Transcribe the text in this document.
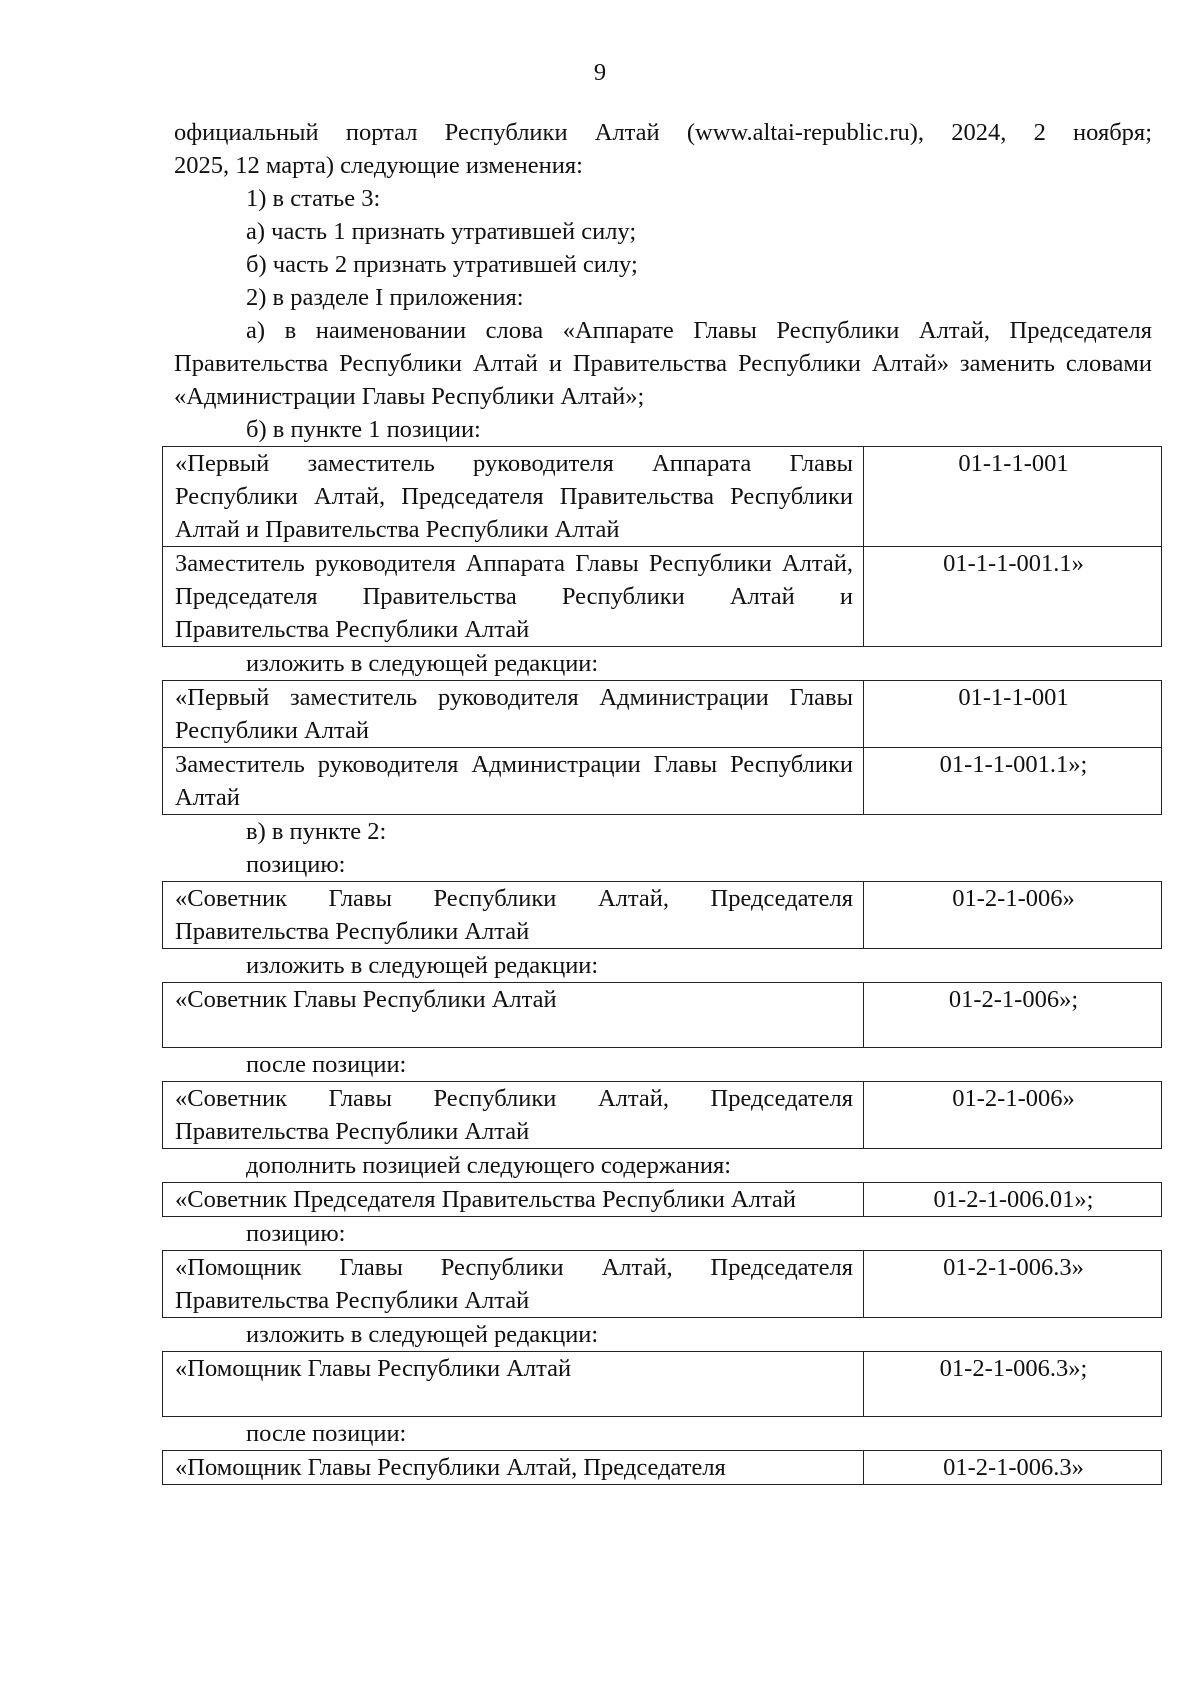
9

официальный портал Республики Алтай (www.altai-republic.ru), 2024, 2 ноября;

2025, 12 марта) следующие изменения:

1) в статье 3:

а) часть 1 признать утратившей силу;

б) часть 2 признать утратившей силу;

2) в разделе I приложения:

а) в наименовании слова «Аппарате Главы Республики Алтай, Председателя Правительства Республики Алтай и Правительства Республики Алтай» заменить словами «Администрации Главы Республики Алтай»;

б) в пункте 1 позиции:

«Первый заместитель руководителя Аппарата Главы Республики Алтай, Председателя Правительства Республики Алтай и Правительства Республики Алтай	01-1-1-001
Заместитель руководителя Аппарата Главы Республики Алтай, Председателя Правительства Республики Алтай и Правительства Республики Алтай	01-1-1-001.1»

изложить в следующей редакции:

«Первый заместитель руководителя Администрации Главы Республики Алтай	01-1-1-001
Заместитель руководителя Администрации Главы Республики Алтай	01-1-1-001.1»;

в) в пункте 2:

позицию:

«Советник Главы Республики Алтай, Председателя Правительства Республики Алтай	01-2-1-006»

изложить в следующей редакции:

«Советник Главы Республики Алтай	01-2-1-006»;

после позиции:

«Советник Главы Республики Алтай, Председателя Правительства Республики Алтай	01-2-1-006»

дополнить позицией следующего содержания:

«Советник Председателя Правительства Республики Алтай	01-2-1-006.01»;

позицию:

«Помощник Главы Республики Алтай, Председателя Правительства Республики Алтай	01-2-1-006.3»

изложить в следующей редакции:

«Помощник Главы Республики Алтай	01-2-1-006.3»;

после позиции:

«Помощник Главы Республики Алтай, Председателя	01-2-1-006.3»
